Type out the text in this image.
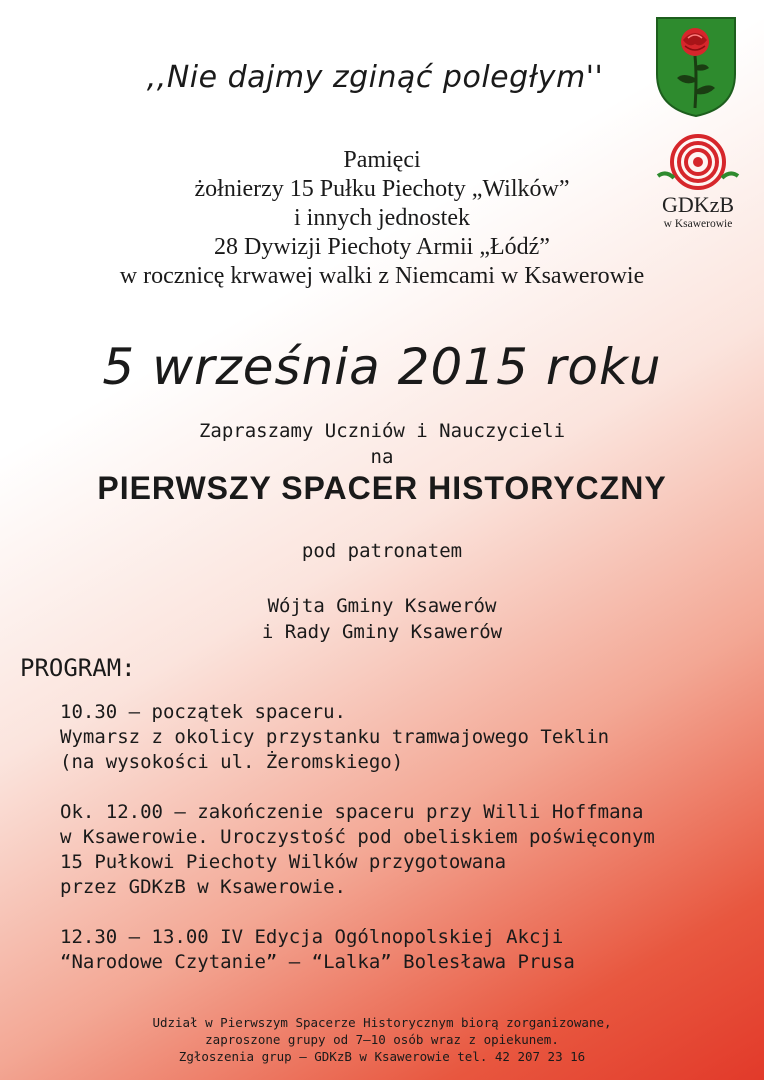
GDKzB
w Ksawerowie
,,Nie dajmy zginąć poległym''
Pamięci
żołnierzy 15 Pułku Piechoty „Wilków”
i innych jednostek
28 Dywizji Piechoty Armii „Łódź”
w rocznicę krwawej walki z Niemcami w Ksawerowie
5 września 2015 roku
Zapraszamy Uczniów i Nauczycieli
na
PIERWSZY SPACER HISTORYCZNY
pod patronatem
Wójta Gminy Ksawerów
i Rady Gminy Ksawerów
PROGRAM:
10.30 – początek spaceru.
Wymarsz z okolicy przystanku tramwajowego Teklin
(na wysokości ul. Żeromskiego)
Ok. 12.00 – zakończenie spaceru przy Willi Hoffmana
w Ksawerowie. Uroczystość pod obeliskiem poświęconym
15 Pułkowi Piechoty Wilków przygotowana
przez GDKzB w Ksawerowie.
12.30 – 13.00 IV Edycja Ogólnopolskiej Akcji
“Narodowe Czytanie” – “Lalka” Bolesława Prusa
Udział w Pierwszym Spacerze Historycznym biorą zorganizowane,
zaproszone grupy od 7–10 osób wraz z opiekunem.
Zgłoszenia grup – GDKzB w Ksawerowie tel. 42 207 23 16
